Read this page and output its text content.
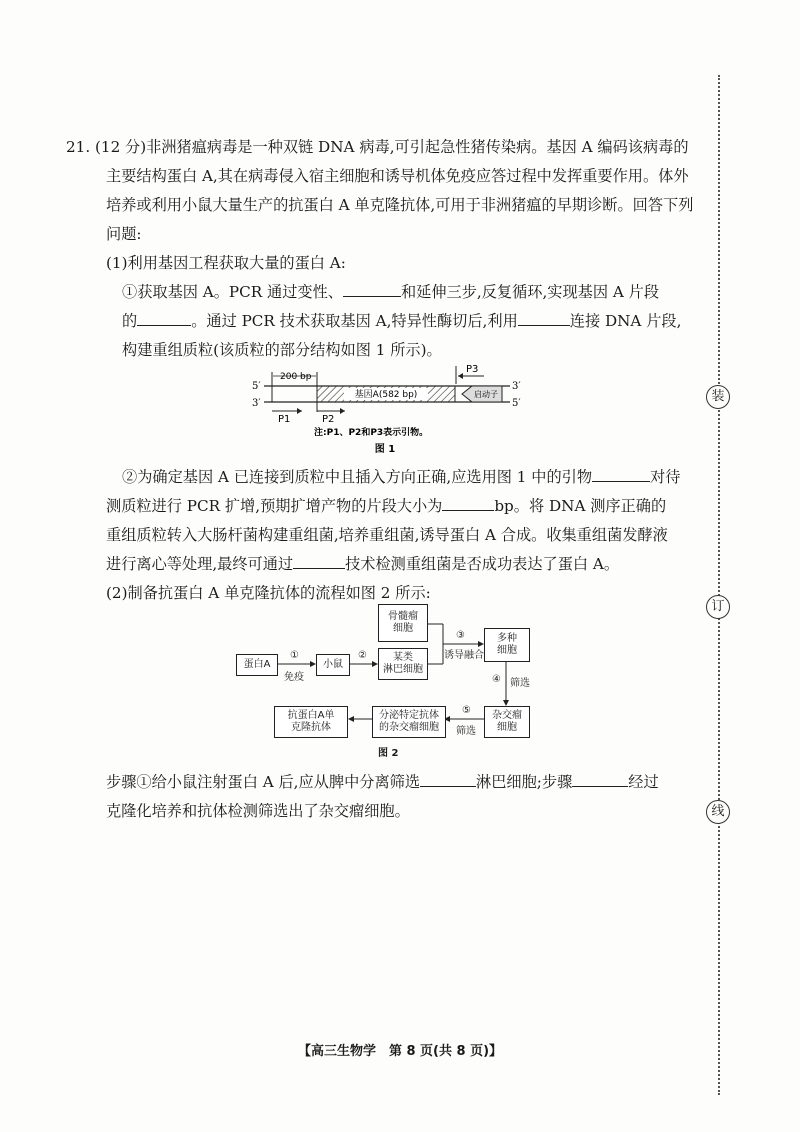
装
订
线

21. (12 分)非洲猪瘟病毒是一种双链 DNA 病毒,可引起急性猪传染病。基因 A 编码该病毒的

主要结构蛋白 A,其在病毒侵入宿主细胞和诱导机体免疫应答过程中发挥重要作用。体外

培养或利用小鼠大量生产的抗蛋白 A 单克隆抗体,可用于非洲猪瘟的早期诊断。回答下列

问题:

(1)利用基因工程获取大量的蛋白 A:

①获取基因 A。PCR 通过变性、	和延伸三步,反复循环,实现基因 A 片段

的	。通过 PCR 技术获取基因 A,特异性酶切后,利用	连接 DNA 片段,

构建重组质粒(该质粒的部分结构如图 1 所示)。

5′
3′
3′
5′
200 bp
基因A(582 bp)	启动子
P3
P1	P2
注:P1、P2和P3表示引物。
图 1

②为确定基因 A 已连接到质粒中且插入方向正确,应选用图 1 中的引物	对待

测质粒进行 PCR 扩增,预期扩增产物的片段大小为	bp。将 DNA 测序正确的

重组质粒转入大肠杆菌构建重组菌,培养重组菌,诱导蛋白 A 合成。收集重组菌发酵液

进行离心等处理,最终可通过	技术检测重组菌是否成功表达了蛋白 A。

(2)制备抗蛋白 A 单克隆抗体的流程如图 2 所示:

蛋白A	小鼠
骨髓瘤
细胞
某类
淋巴细胞
多种
细胞
杂交瘤
细胞
分泌特定抗体
的杂交瘤细胞
抗蛋白A单
克隆抗体
①
免疫
②
③
诱导融合
④ 筛选
⑤
筛选
图 2

步骤①给小鼠注射蛋白 A 后,应从脾中分离筛选	淋巴细胞;步骤	经过

克隆化培养和抗体检测筛选出了杂交瘤细胞。

【高三生物学　第 8 页(共 8 页)】
